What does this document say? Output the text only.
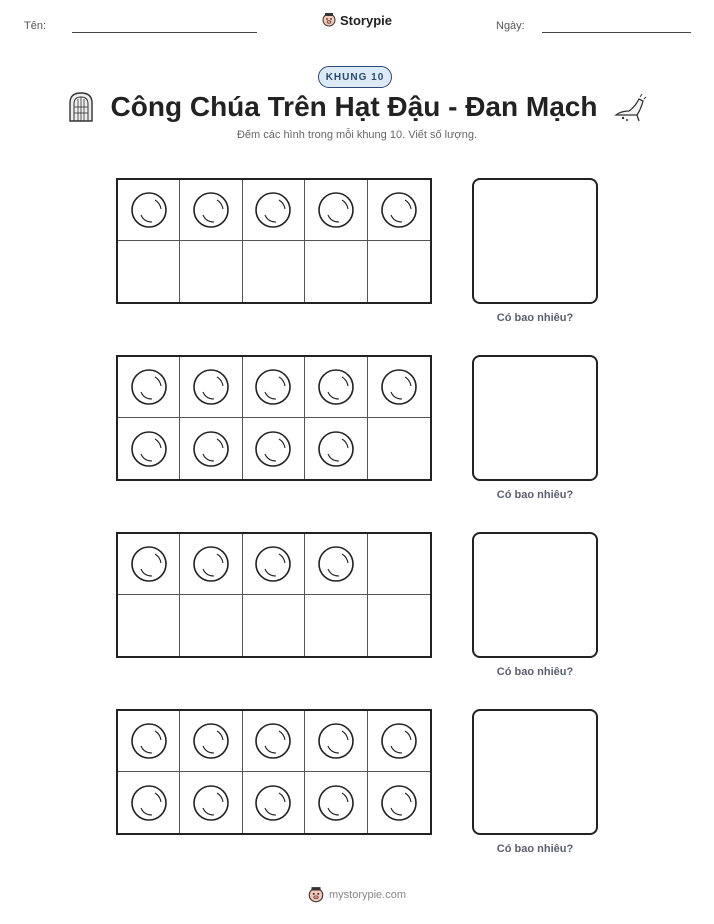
Tên:	Ngày:
Storypie
KHUNG 10
Công Chúa Trên Hạt Đậu - Đan Mạch
Đếm các hình trong mỗi khung 10. Viết số lượng.
Có bao nhiêu?
Có bao nhiêu?
Có bao nhiêu?
Có bao nhiêu?
mystorypie.com
